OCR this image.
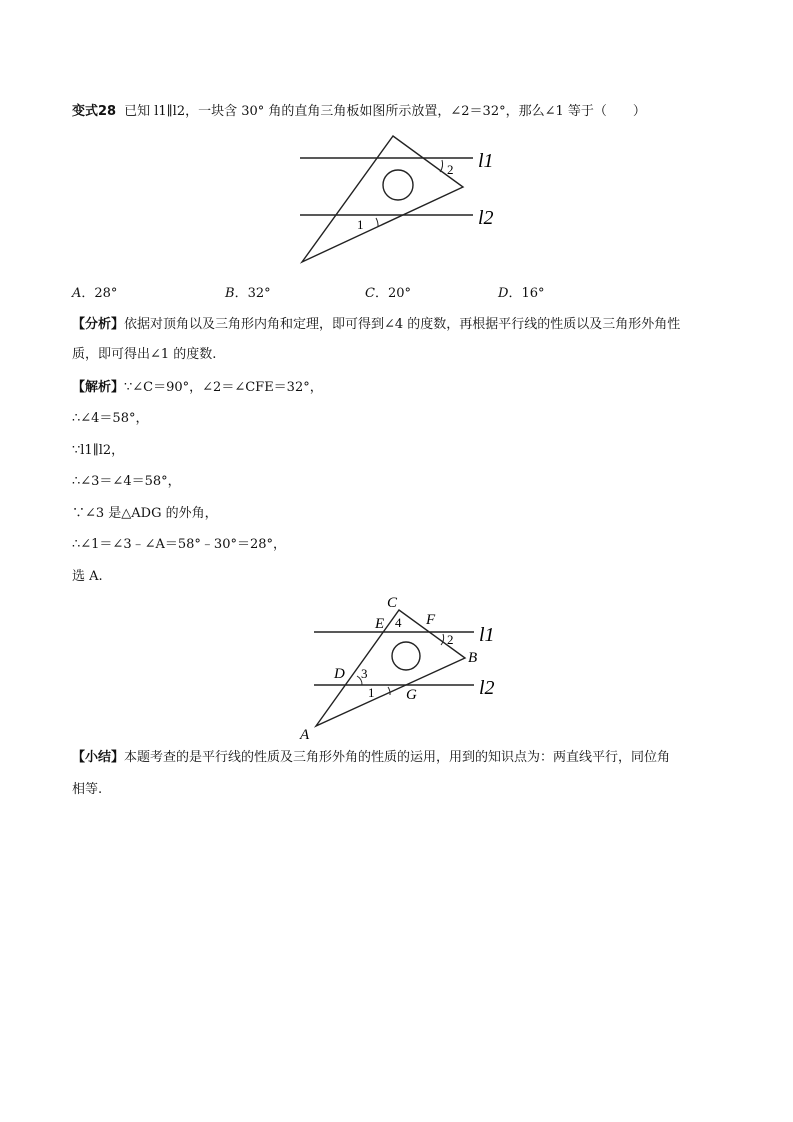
变式28 已知 l1∥l2，一块含 30° 角的直角三角板如图所示放置，∠2＝32°，那么∠1 等于（　　）
2
1
l1
l2
A．28°	B．32°	C．20°	D．16°
【分析】依据对顶角以及三角形内角和定理，即可得到∠4 的度数，再根据平行线的性质以及三角形外角性
质，即可得出∠1 的度数.
【解析】∵∠C＝90°，∠2＝∠CFE＝32°，
∴∠4＝58°，
∵l1∥l2，
∴∠3＝∠4＝58°，
∵∠3 是△ADG 的外角，
∴∠1＝∠3﹣∠A＝58°﹣30°＝28°，
选 A.
C
E 4 F
2
B
D 3
1 G
A
l1
l2
【小结】本题考查的是平行线的性质及三角形外角的性质的运用，用到的知识点为：两直线平行，同位角
相等.
